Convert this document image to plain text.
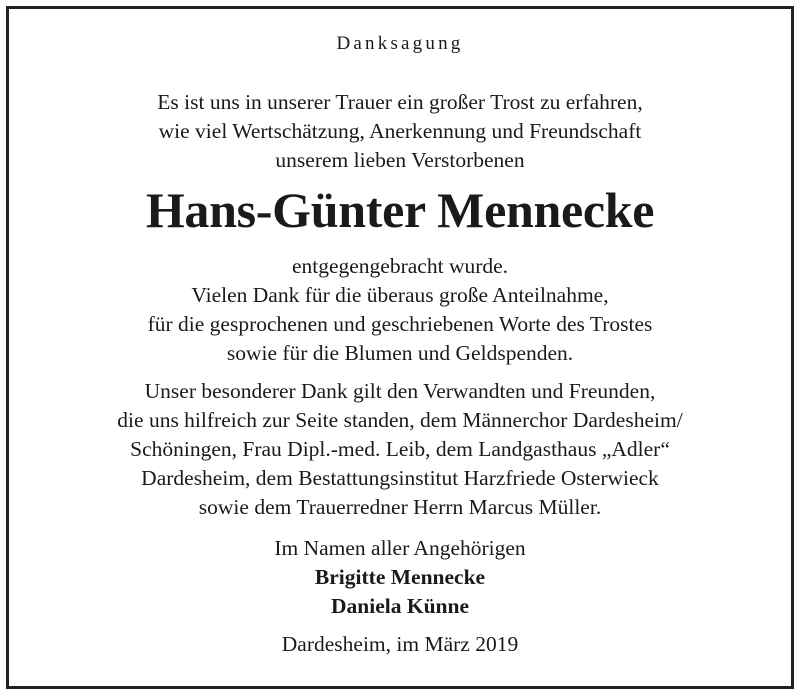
Danksagung
Es ist uns in unserer Trauer ein großer Trost zu erfahren,
wie viel Wertschätzung, Anerkennung und Freundschaft
unserem lieben Verstorbenen
Hans-Günter Mennecke
entgegengebracht wurde.
Vielen Dank für die überaus große Anteilnahme,
für die gesprochenen und geschriebenen Worte des Trostes
sowie für die Blumen und Geldspenden.
Unser besonderer Dank gilt den Verwandten und Freunden,
die uns hilfreich zur Seite standen, dem Männerchor Dardesheim/
Schöningen, Frau Dipl.-med. Leib, dem Landgasthaus „Adler“
Dardesheim, dem Bestattungsinstitut Harzfriede Osterwieck
sowie dem Trauerredner Herrn Marcus Müller.
Im Namen aller Angehörigen
Brigitte Mennecke
Daniela Künne
Dardesheim, im März 2019
